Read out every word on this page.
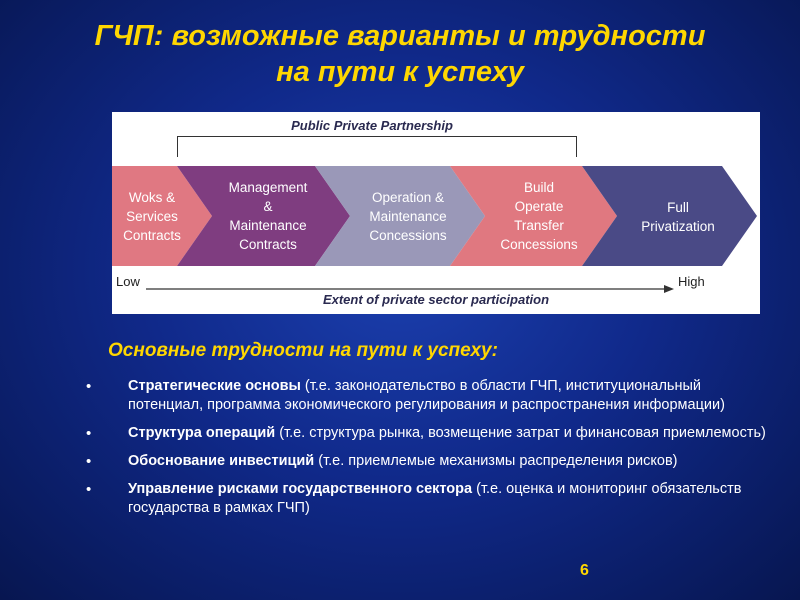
ГЧП: возможные варианты и трудности
на пути к успеху
Public Private Partnership
Woks &
Services
Contracts
Management
&
Maintenance
Contracts
Operation &
Maintenance
Concessions
Build
Operate
Transfer
Concessions
Full
Privatization
Low	High
Extent of private sector participation
Основные трудности на пути к успеху:
•	Стратегические основы (т.е. законодательство в области ГЧП, институциональный потенциал, программа экономического регулирования и распространения информации)

•	Структура операций (т.е. структура рынка, возмещение затрат и финансовая приемлемость)

•	Обоснование инвестиций (т.е. приемлемые механизмы распределения рисков)

•	Управление рисками государственного сектора (т.е. оценка и мониторинг обязательств государства в рамках ГЧП)

6
